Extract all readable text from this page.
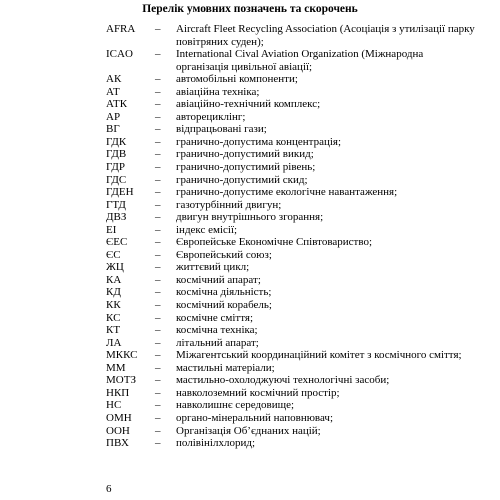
Перелік умовних позначень та скорочень
AFRA – Aircraft Fleet Recycling Association (Асоціація з утилізації парку повітряних суден);
ICAO – International Cival Aviation Organization (Міжнародна організація цивільної авіації;
АК	– автомобільні компоненти;
АТ	– авіаційна техніка;
АТК	– авіаційно-технічний комплекс;
АР	– авторециклінг;
ВГ	– відпрацьовані гази;
ГДК	– гранично-допустима концентрація;
ГДВ	– гранично-допустимий викид;
ГДР	– гранично-допустимий рівень;
ГДС	– гранично-допустимий скид;
ГДЕН – гранично-допустиме екологічне навантаження;
ГТД	– газотурбінний двигун;
ДВЗ	– двигун внутрішнього згорання;
ЕІ	– індекс емісії;
ЄЕС	– Європейське Економічне Співтовариство;
ЄС	– Європейський союз;
ЖЦ	– життєвий цикл;
КА	– космічний апарат;
КД	– космічна діяльність;
КК	– космічний корабель;
КС	– космічне сміття;
КТ	– космічна техніка;
ЛА	– літальний апарат;
МККС – Міжагентський координаційний комітет з космічного сміття;
ММ	– мастильні матеріали;
МОТЗ – мастильно-охолоджуючі технологічні засоби;
НКП – навколоземний космічний простір;
НС	– навколишнє середовище;
ОМН – органо-мінеральний наповнювач;
ООН – Організація Об’єднаних націй;
ПВХ – полівінілхлорид;
6
